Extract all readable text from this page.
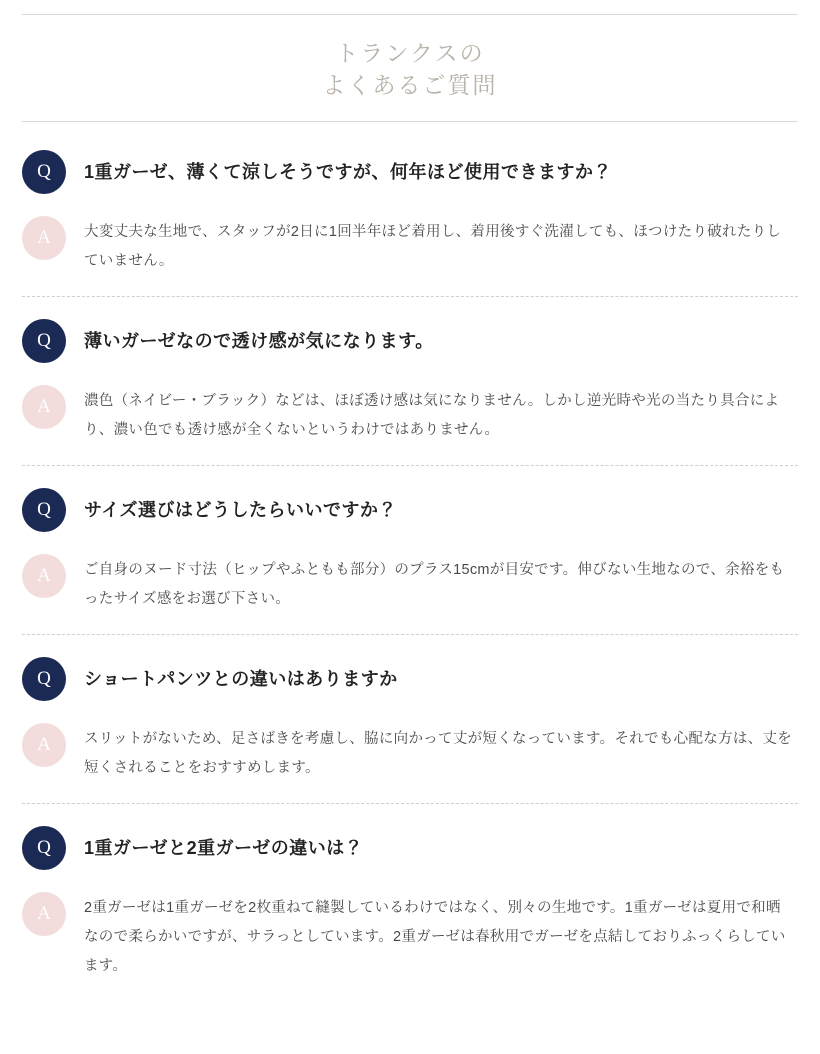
トランクスの
よくあるご質問
Q	1重ガーゼ、薄くて涼しそうですが、何年ほど使用できますか？
A	大変丈夫な生地で、スタッフが2日に1回半年ほど着用し、着用後すぐ洗濯しても、ほつけたり破れたりしていません。
Q	薄いガーゼなので透け感が気になります。
A	濃色（ネイビー・ブラック）などは、ほぼ透け感は気になりません。しかし逆光時や光の当たり具合により、濃い色でも透け感が全くないというわけではありません。
Q	サイズ選びはどうしたらいいですか？
A	ご自身のヌード寸法（ヒップやふともも部分）のプラス15cmが目安です。伸びない生地なので、余裕をもったサイズ感をお選び下さい。
Q	ショートパンツとの違いはありますか
A	スリットがないため、足さばきを考慮し、脇に向かって丈が短くなっています。それでも心配な方は、丈を短くされることをおすすめします。
Q	1重ガーゼと2重ガーゼの違いは？
A	2重ガーゼは1重ガーゼを2枚重ねて縫製しているわけではなく、別々の生地です。1重ガーゼは夏用で和晒なので柔らかいですが、サラっとしています。2重ガーゼは春秋用でガーゼを点結しておりふっくらしています。
